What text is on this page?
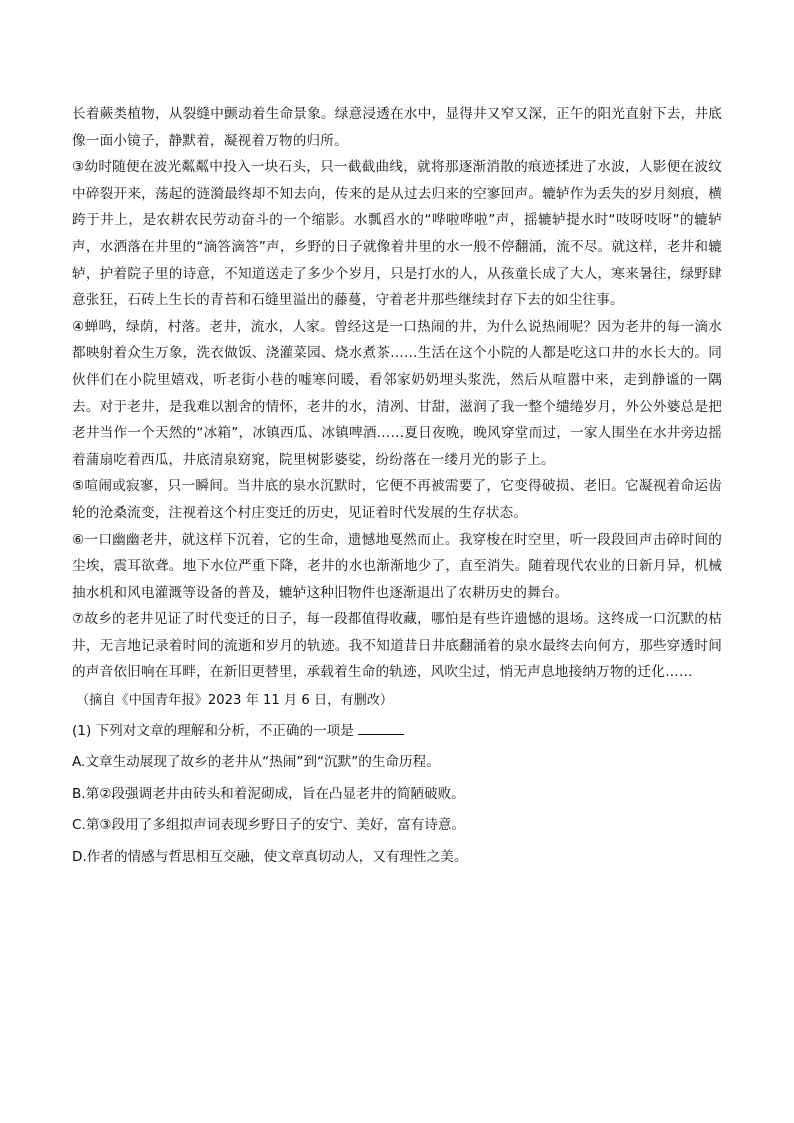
长着蕨类植物，从裂缝中颤动着生命景象。绿意浸透在水中，显得井又窄又深，正午的阳光直射下去，井底像一面小镜子，静默着，凝视着万物的归所。

③幼时随便在波光粼粼中投入一块石头，只一截截曲线，就将那逐渐消散的痕迹揉进了水波，人影便在波纹中碎裂开来，荡起的涟漪最终却不知去向，传来的是从过去归来的空寥回声。辘轳作为丢失的岁月刻痕，横跨于井上，是农耕农民劳动奋斗的一个缩影。水瓢舀水的“哗啦哗啦”声，摇辘轳提水时“吱呀吱呀”的辘轳声，水洒落在井里的“滴答滴答”声，乡野的日子就像着井里的水一般不停翻涌，流不尽。就这样，老井和辘轳，护着院子里的诗意，不知道送走了多少个岁月，只是打水的人，从孩童长成了大人，寒来暑往，绿野肆意张狂，石砖上生长的青苔和石缝里溢出的藤蔓，守着老井那些继续封存下去的如尘往事。

④蝉鸣，绿荫，村落。老井，流水，人家。曾经这是一口热闹的井，为什么说热闹呢？因为老井的每一滴水都映射着众生万象，洗衣做饭、浇灌菜园、烧水煮茶……生活在这个小院的人都是吃这口井的水长大的。同伙伴们在小院里嬉戏，听老街小巷的嘘寒问暖，看邻家奶奶埋头浆洗，然后从喧嚣中来，走到静谧的一隅去。对于老井，是我难以割舍的情怀，老井的水，清冽、甘甜，滋润了我一整个缱绻岁月，外公外婆总是把老井当作一个天然的“冰箱”，冰镇西瓜、冰镇啤酒……夏日夜晚，晚风穿堂而过，一家人围坐在水井旁边摇着蒲扇吃着西瓜，井底清泉窈窕，院里树影婆娑，纷纷落在一缕月光的影子上。

⑤喧闹或寂寥，只一瞬间。当井底的泉水沉默时，它便不再被需要了，它变得破损、老旧。它凝视着命运齿轮的沧桑流变，注视着这个村庄变迁的历史，见证着时代发展的生存状态。

⑥一口幽幽老井，就这样下沉着，它的生命，遗憾地戛然而止。我穿梭在时空里，听一段段回声击碎时间的尘埃，震耳欲聋。地下水位严重下降，老井的水也渐渐地少了，直至消失。随着现代农业的日新月异，机械抽水机和风电灌溉等设备的普及，辘轳这种旧物件也逐渐退出了农耕历史的舞台。

⑦故乡的老井见证了时代变迁的日子，每一段都值得收藏，哪怕是有些许遗憾的退场。这终成一口沉默的枯井，无言地记录着时间的流逝和岁月的轨迹。我不知道昔日井底翻涌着的泉水最终去向何方，那些穿透时间的声音依旧响在耳畔，在新旧更替里，承载着生命的轨迹，风吹尘过，悄无声息地接纳万物的迁化……

（摘自《中国青年报》2023 年 11 月 6 日，有删改）

(1) 下列对文章的理解和分析，不正确的一项是

A.文章生动展现了故乡的老井从“热闹”到“沉默”的生命历程。

B.第②段强调老井由砖头和着泥砌成，旨在凸显老井的简陋破败。

C.第③段用了多组拟声词表现乡野日子的安宁、美好，富有诗意。

D.作者的情感与哲思相互交融，使文章真切动人，又有理性之美。
